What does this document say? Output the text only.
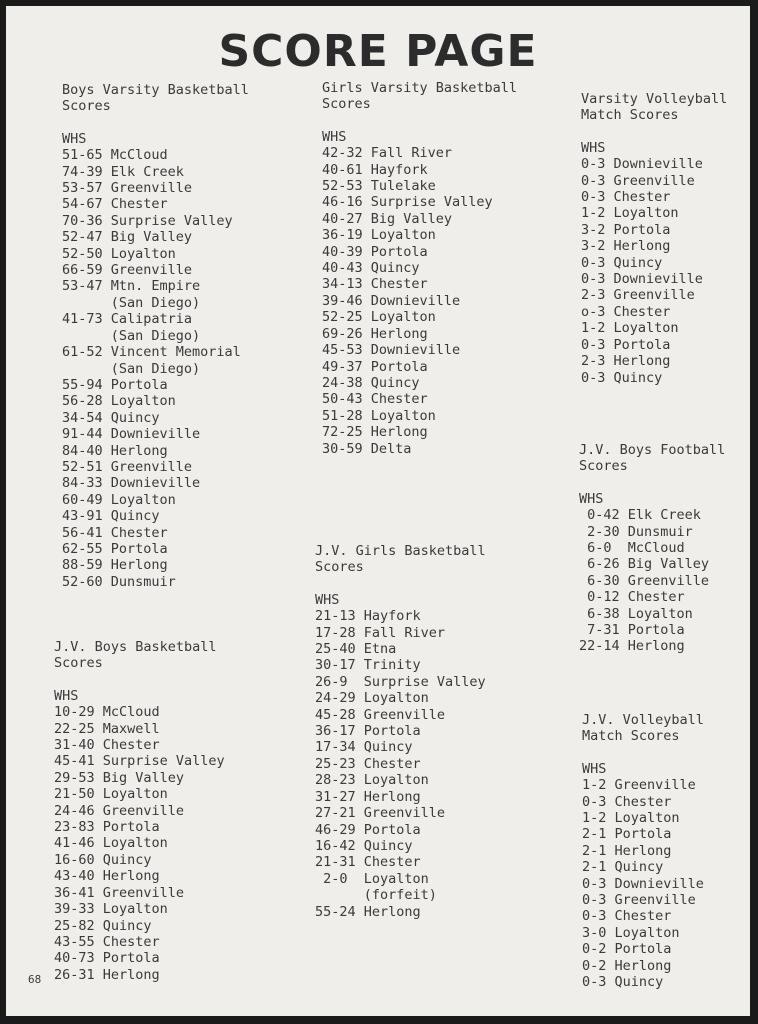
SCORE PAGE
Boys Varsity Basketball
Scores
WHS
51-65 McCloud
74-39 Elk Creek
53-57 Greenville
54-67 Chester
70-36 Surprise Valley
52-47 Big Valley
52-50 Loyalton
66-59 Greenville
53-47 Mtn. Empire
(San Diego)
41-73 Calipatria
(San Diego)
61-52 Vincent Memorial
(San Diego)
55-94 Portola
56-28 Loyalton
34-54 Quincy
91-44 Downieville
84-40 Herlong
52-51 Greenville
84-33 Downieville
60-49 Loyalton
43-91 Quincy
56-41 Chester
62-55 Portola
88-59 Herlong
52-60 Dunsmuir
J.V. Boys Basketball
Scores
WHS
10-29 McCloud
22-25 Maxwell
31-40 Chester
45-41 Surprise Valley
29-53 Big Valley
21-50 Loyalton
24-46 Greenville
23-83 Portola
41-46 Loyalton
16-60 Quincy
43-40 Herlong
36-41 Greenville
39-33 Loyalton
25-82 Quincy
43-55 Chester
40-73 Portola
26-31 Herlong
Girls Varsity Basketball
Scores
WHS
42-32 Fall River
40-61 Hayfork
52-53 Tulelake
46-16 Surprise Valley
40-27 Big Valley
36-19 Loyalton
40-39 Portola
40-43 Quincy
34-13 Chester
39-46 Downieville
52-25 Loyalton
69-26 Herlong
45-53 Downieville
49-37 Portola
24-38 Quincy
50-43 Chester
51-28 Loyalton
72-25 Herlong
30-59 Delta
J.V. Girls Basketball
Scores
WHS
21-13 Hayfork
17-28 Fall River
25-40 Etna
30-17 Trinity
26-9  Surprise Valley
24-29 Loyalton
45-28 Greenville
36-17 Portola
17-34 Quincy
25-23 Chester
28-23 Loyalton
31-27 Herlong
27-21 Greenville
46-29 Portola
16-42 Quincy
21-31 Chester
2-0  Loyalton
(forfeit)
55-24 Herlong
Varsity Volleyball
Match Scores
WHS
0-3 Downieville
0-3 Greenville
0-3 Chester
1-2 Loyalton
3-2 Portola
3-2 Herlong
0-3 Quincy
0-3 Downieville
2-3 Greenville
o-3 Chester
1-2 Loyalton
0-3 Portola
2-3 Herlong
0-3 Quincy
J.V. Boys Football
Scores
WHS
0-42 Elk Creek
2-30 Dunsmuir
6-0  McCloud
6-26 Big Valley
6-30 Greenville
0-12 Chester
6-38 Loyalton
7-31 Portola
22-14 Herlong
J.V. Volleyball
Match Scores
WHS
1-2 Greenville
0-3 Chester
1-2 Loyalton
2-1 Portola
2-1 Herlong
2-1 Quincy
0-3 Downieville
0-3 Greenville
0-3 Chester
3-0 Loyalton
0-2 Portola
0-2 Herlong
0-3 Quincy
68
